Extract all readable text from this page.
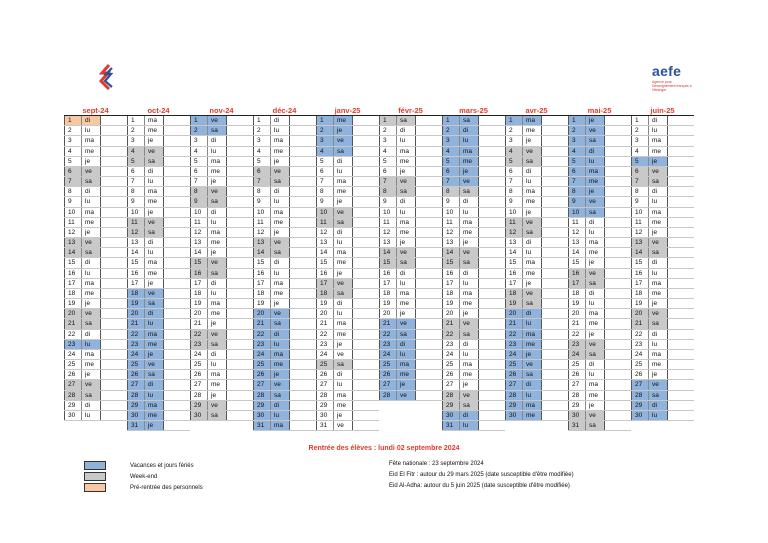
aefe
Agence pour l'enseignement français à l'étranger
sept-24
1	di
2	lu
3	ma
4	me
5	je
6	ve
7	sa
8	di
9	lu
10	ma
11	me
12	je
13	ve
14	sa
15	di
16	lu
17	ma
18	me
19	je
20	ve
21	sa
22	di
23	lu
24	ma
25	me
26	je
27	ve
28	sa
29	di
30	lu
oct-24
1	ma
2	me
3	je
4	ve
5	sa
6	di
7	lu
8	ma
9	me
10	je
11	ve
12	sa
13	di
14	lu
15	ma
16	me
17	je
18	ve
19	sa
20	di
21	lu
22	ma
23	me
24	je
25	ve
26	sa
27	di
28	lu
29	ma
30	me
31	je
nov-24
1	ve
2	sa
3	di
4	lu
5	ma
6	me
7	je
8	ve
9	sa
10	di
11	lu
12	ma
13	me
14	je
15	ve
16	sa
17	di
18	lu
19	ma
20	me
21	je
22	ve
23	sa
24	di
25	lu
26	ma
27	me
28	je
29	ve
30	sa
déc-24
1	di
2	lu
3	ma
4	me
5	je
6	ve
7	sa
8	di
9	lu
10	ma
11	me
12	je
13	ve
14	sa
15	di
16	lu
17	ma
18	me
19	je
20	ve
21	sa
22	di
23	lu
24	ma
25	me
26	je
27	ve
28	sa
29	di
30	lu
31	ma
janv-25
1	me
2	je
3	ve
4	sa
5	di
6	lu
7	ma
8	me
9	je
10	ve
11	sa
12	di
13	lu
14	ma
15	me
16	je
17	ve
18	sa
19	di
20	lu
21	ma
22	me
23	je
24	ve
25	sa
26	di
27	lu
28	ma
29	me
30	je
31	ve
févr-25
1	sa
2	di
3	lu
4	ma
5	me
6	je
7	ve
8	sa
9	di
10	lu
11	ma
12	me
13	je
14	ve
15	sa
16	di
17	lu
18	ma
19	me
20	je
21	ve
22	sa
23	di
24	lu
25	ma
26	me
27	je
28	ve
mars-25
1	sa
2	di
3	lu
4	ma
5	me
6	je
7	ve
8	sa
9	di
10	lu
11	ma
12	me
13	je
14	ve
15	sa
16	di
17	lu
18	ma
19	me
20	je
21	ve
22	sa
23	di
24	lu
25	ma
26	me
27	je
28	ve
29	sa
30	di
31	lu
avr-25
1	ma
2	me
3	je
4	ve
5	sa
6	di
7	lu
8	ma
9	me
10	je
11	ve
12	sa
13	di
14	lu
15	ma
16	me
17	je
18	ve
19	sa
20	di
21	lu
22	ma
23	me
24	je
25	ve
26	sa
27	di
28	lu
29	ma
30	me
mai-25
1	je
2	ve
3	sa
4	di
5	lu
6	ma
7	me
8	je
9	ve
10	sa
11	di
12	lu
13	ma
14	me
15	je
16	ve
17	sa
18	di
19	lu
20	ma
21	me
22	je
23	ve
24	sa
25	di
26	lu
27	ma
28	me
29	je
30	ve
31	sa
juin-25
1	di
2	lu
3	ma
4	me
5	je
6	ve
7	sa
8	di
9	lu
10	ma
11	me
12	je
13	ve
14	sa
15	di
16	lu
17	ma
18	me
19	je
20	ve
21	sa
22	di
23	lu
24	ma
25	me
26	je
27	ve
28	sa
29	di
30	lu
Rentrée des élèves : lundi 02 septembre 2024
Vacances et jours fériés
Week-end
Pré-rentrée des personnels
Fête nationale : 23 septembre 2024
Eid El Fitr : autour du 29 mars 2025 (date susceptible d'être modifiée)
Eid Al-Adha: autour du 5 juin 2025 (date susceptible d'être modifiée)
